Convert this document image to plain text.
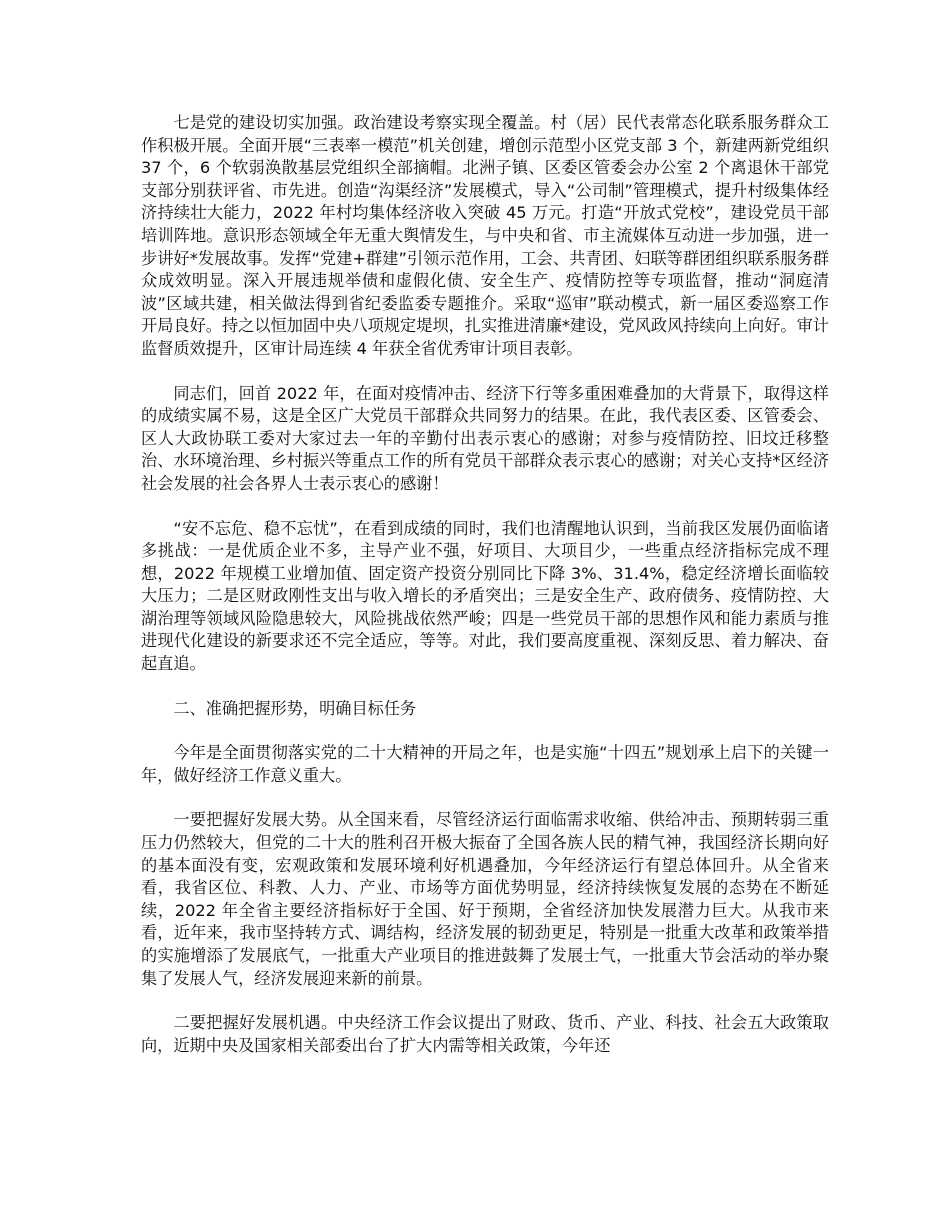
七是党的建设切实加强。政治建设考察实现全覆盖。村（居）民代表常态化联系服务群众工作积极开展。全面开展“三表率一模范”机关创建，增创示范型小区党支部 3 个，新建两新党组织 37 个，6 个软弱涣散基层党组织全部摘帽。北洲子镇、区委区管委会办公室 2 个离退休干部党支部分别获评省、市先进。创造“沟渠经济”发展模式，导入“公司制”管理模式，提升村级集体经济持续壮大能力，2022 年村均集体经济收入突破 45 万元。打造“开放式党校”，建设党员干部培训阵地。意识形态领域全年无重大舆情发生，与中央和省、市主流媒体互动进一步加强，进一步讲好*发展故事。发挥“党建+群建”引领示范作用，工会、共青团、妇联等群团组织联系服务群众成效明显。深入开展违规举债和虚假化债、安全生产、疫情防控等专项监督，推动“洞庭清波”区域共建，相关做法得到省纪委监委专题推介。采取“巡审”联动模式，新一届区委巡察工作开局良好。持之以恒加固中央八项规定堤坝，扎实推进清廉*建设，党风政风持续向上向好。审计监督质效提升，区审计局连续 4 年获全省优秀审计项目表彰。

同志们，回首 2022 年，在面对疫情冲击、经济下行等多重困难叠加的大背景下，取得这样的成绩实属不易，这是全区广大党员干部群众共同努力的结果。在此，我代表区委、区管委会、区人大政协联工委对大家过去一年的辛勤付出表示衷心的感谢；对参与疫情防控、旧坟迁移整治、水环境治理、乡村振兴等重点工作的所有党员干部群众表示衷心的感谢；对关心支持*区经济社会发展的社会各界人士表示衷心的感谢！

“安不忘危、稳不忘忧”，在看到成绩的同时，我们也清醒地认识到，当前我区发展仍面临诸多挑战：一是优质企业不多，主导产业不强，好项目、大项目少，一些重点经济指标完成不理想，2022 年规模工业增加值、固定资产投资分别同比下降 3%、31.4%，稳定经济增长面临较大压力；二是区财政刚性支出与收入增长的矛盾突出；三是安全生产、政府债务、疫情防控、大湖治理等领域风险隐患较大，风险挑战依然严峻；四是一些党员干部的思想作风和能力素质与推进现代化建设的新要求还不完全适应，等等。对此，我们要高度重视、深刻反思、着力解决、奋起直追。

二、准确把握形势，明确目标任务

今年是全面贯彻落实党的二十大精神的开局之年，也是实施“十四五”规划承上启下的关键一年，做好经济工作意义重大。

一要把握好发展大势。从全国来看，尽管经济运行面临需求收缩、供给冲击、预期转弱三重压力仍然较大，但党的二十大的胜利召开极大振奋了全国各族人民的精气神，我国经济长期向好的基本面没有变，宏观政策和发展环境利好机遇叠加，今年经济运行有望总体回升。从全省来看，我省区位、科教、人力、产业、市场等方面优势明显，经济持续恢复发展的态势在不断延续，2022 年全省主要经济指标好于全国、好于预期，全省经济加快发展潜力巨大。从我市来看，近年来，我市坚持转方式、调结构，经济发展的韧劲更足，特别是一批重大改革和政策举措的实施增添了发展底气，一批重大产业项目的推进鼓舞了发展士气，一批重大节会活动的举办聚集了发展人气，经济发展迎来新的前景。

二要把握好发展机遇。中央经济工作会议提出了财政、货币、产业、科技、社会五大政策取向，近期中央及国家相关部委出台了扩大内需等相关政策，今年还
